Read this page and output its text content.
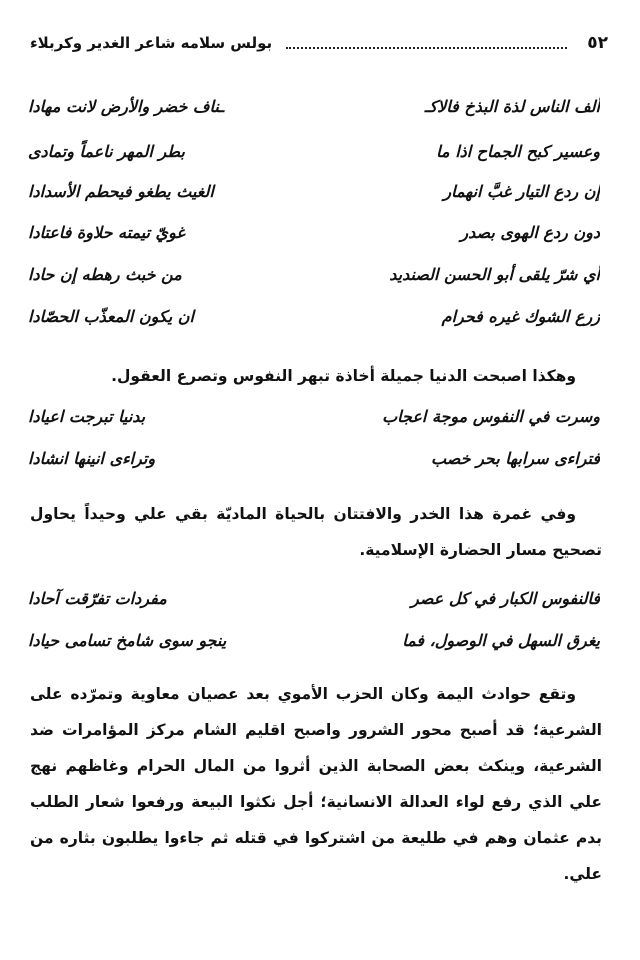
٥٢
بولس سلامه شاعر الغدير وكربلاء
ألف الناس لذة البذخ فالاكـ
ـناف خضر والأرض لانت مهادا
وعسير كبح الجماح اذا ما
بطر المهر ناعماً وتمادى
إن ردع التيار غبَّ انهمار
الغيث يطغو فيحطم الأسدادا
دون ردع الهوى بصدر
غويّ تيمته حلاوة فاعتادا
أي شرّ يلقى أبو الحسن الصنديد
من خبث رهطه إن حادا
زرع الشوك غيره فحرام
ان يكون المعذّب الحصّادا
وهكذا اصبحت الدنيا جميلة أخاذة تبهر النفوس وتصرع العقول.
وسرت في النفوس موجة اعجاب
بدنيا تبرجت اعيادا
فتراءى سرابها بحر خصب
وتراءى انينها انشادا
وفي غمرة هذا الخدر والافتتان بالحياة الماديّة بقي علي وحيداً يحاول تصحيح مسار الحضارة الإسلامية.
فالنفوس الكبار في كل عصر
مفردات تفرّقت آحادا
يغرق السهل في الوصول، فما
ينجو سوى شامخ تسامى حيادا
وتقع حوادث اليمة وكان الحزب الأموي بعد عصيان معاوية وتمرّده على الشرعية؛ قد أصبح محور الشرور واصبح اقليم الشام مركز المؤامرات ضد الشرعية، وينكث بعض الصحابة الذين أثروا من المال الحرام وغاظهم نهج علي الذي رفع لواء العدالة الانسانية؛ أجل نكثوا البيعة ورفعوا شعار الطلب بدم عثمان وهم في طليعة من اشتركوا في قتله ثم جاءوا يطلبون بثاره من علي.
